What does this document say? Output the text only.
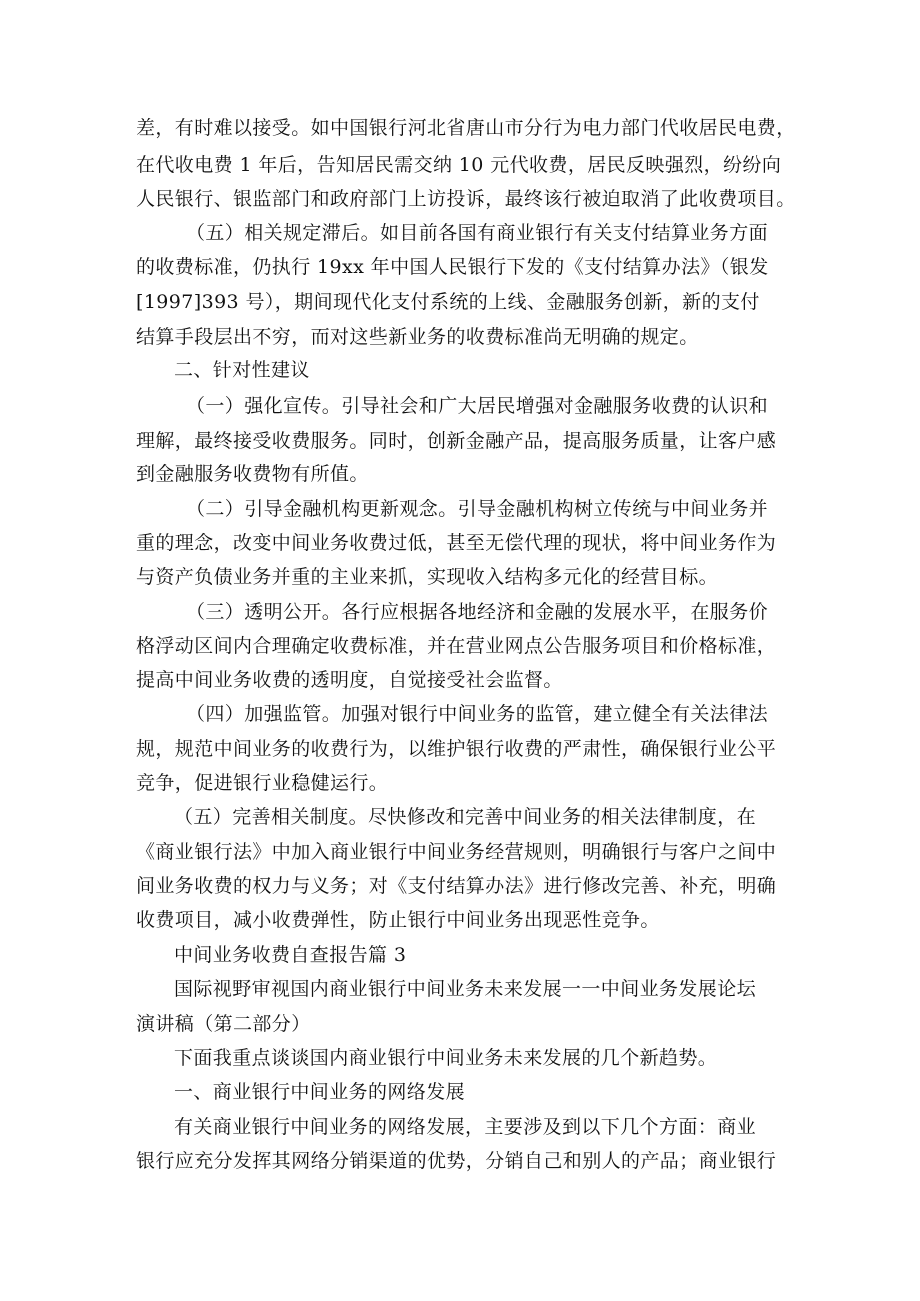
差，有时难以接受。如中国银行河北省唐山市分行为电力部门代收居民电费，
在代收电费 1 年后，告知居民需交纳 10 元代收费，居民反映强烈，纷纷向
人民银行、银监部门和政府部门上访投诉，最终该行被迫取消了此收费项目。
（五）相关规定滞后。如目前各国有商业银行有关支付结算业务方面
的收费标准，仍执行 19xx 年中国人民银行下发的《支付结算办法》（银发
[1997]393 号），期间现代化支付系统的上线、金融服务创新，新的支付
结算手段层出不穷，而对这些新业务的收费标准尚无明确的规定。
二、针对性建议
（一）强化宣传。引导社会和广大居民增强对金融服务收费的认识和
理解，最终接受收费服务。同时，创新金融产品，提高服务质量，让客户感
到金融服务收费物有所值。
（二）引导金融机构更新观念。引导金融机构树立传统与中间业务并
重的理念，改变中间业务收费过低，甚至无偿代理的现状，将中间业务作为
与资产负债业务并重的主业来抓，实现收入结构多元化的经营目标。
（三）透明公开。各行应根据各地经济和金融的发展水平，在服务价
格浮动区间内合理确定收费标准，并在营业网点公告服务项目和价格标准，
提高中间业务收费的透明度，自觉接受社会监督。
（四）加强监管。加强对银行中间业务的监管，建立健全有关法律法
规，规范中间业务的收费行为，以维护银行收费的严肃性，确保银行业公平
竞争，促进银行业稳健运行。
（五）完善相关制度。尽快修改和完善中间业务的相关法律制度，在
《商业银行法》中加入商业银行中间业务经营规则，明确银行与客户之间中
间业务收费的权力与义务；对《支付结算办法》进行修改完善、补充，明确
收费项目，减小收费弹性，防止银行中间业务出现恶性竞争。
中间业务收费自查报告篇 3
国际视野审视国内商业银行中间业务未来发展一一中间业务发展论坛
演讲稿（第二部分）
下面我重点谈谈国内商业银行中间业务未来发展的几个新趋势。
一、商业银行中间业务的网络发展
有关商业银行中间业务的网络发展，主要涉及到以下几个方面：商业
银行应充分发挥其网络分销渠道的优势，分销自己和别人的产品；商业银行
